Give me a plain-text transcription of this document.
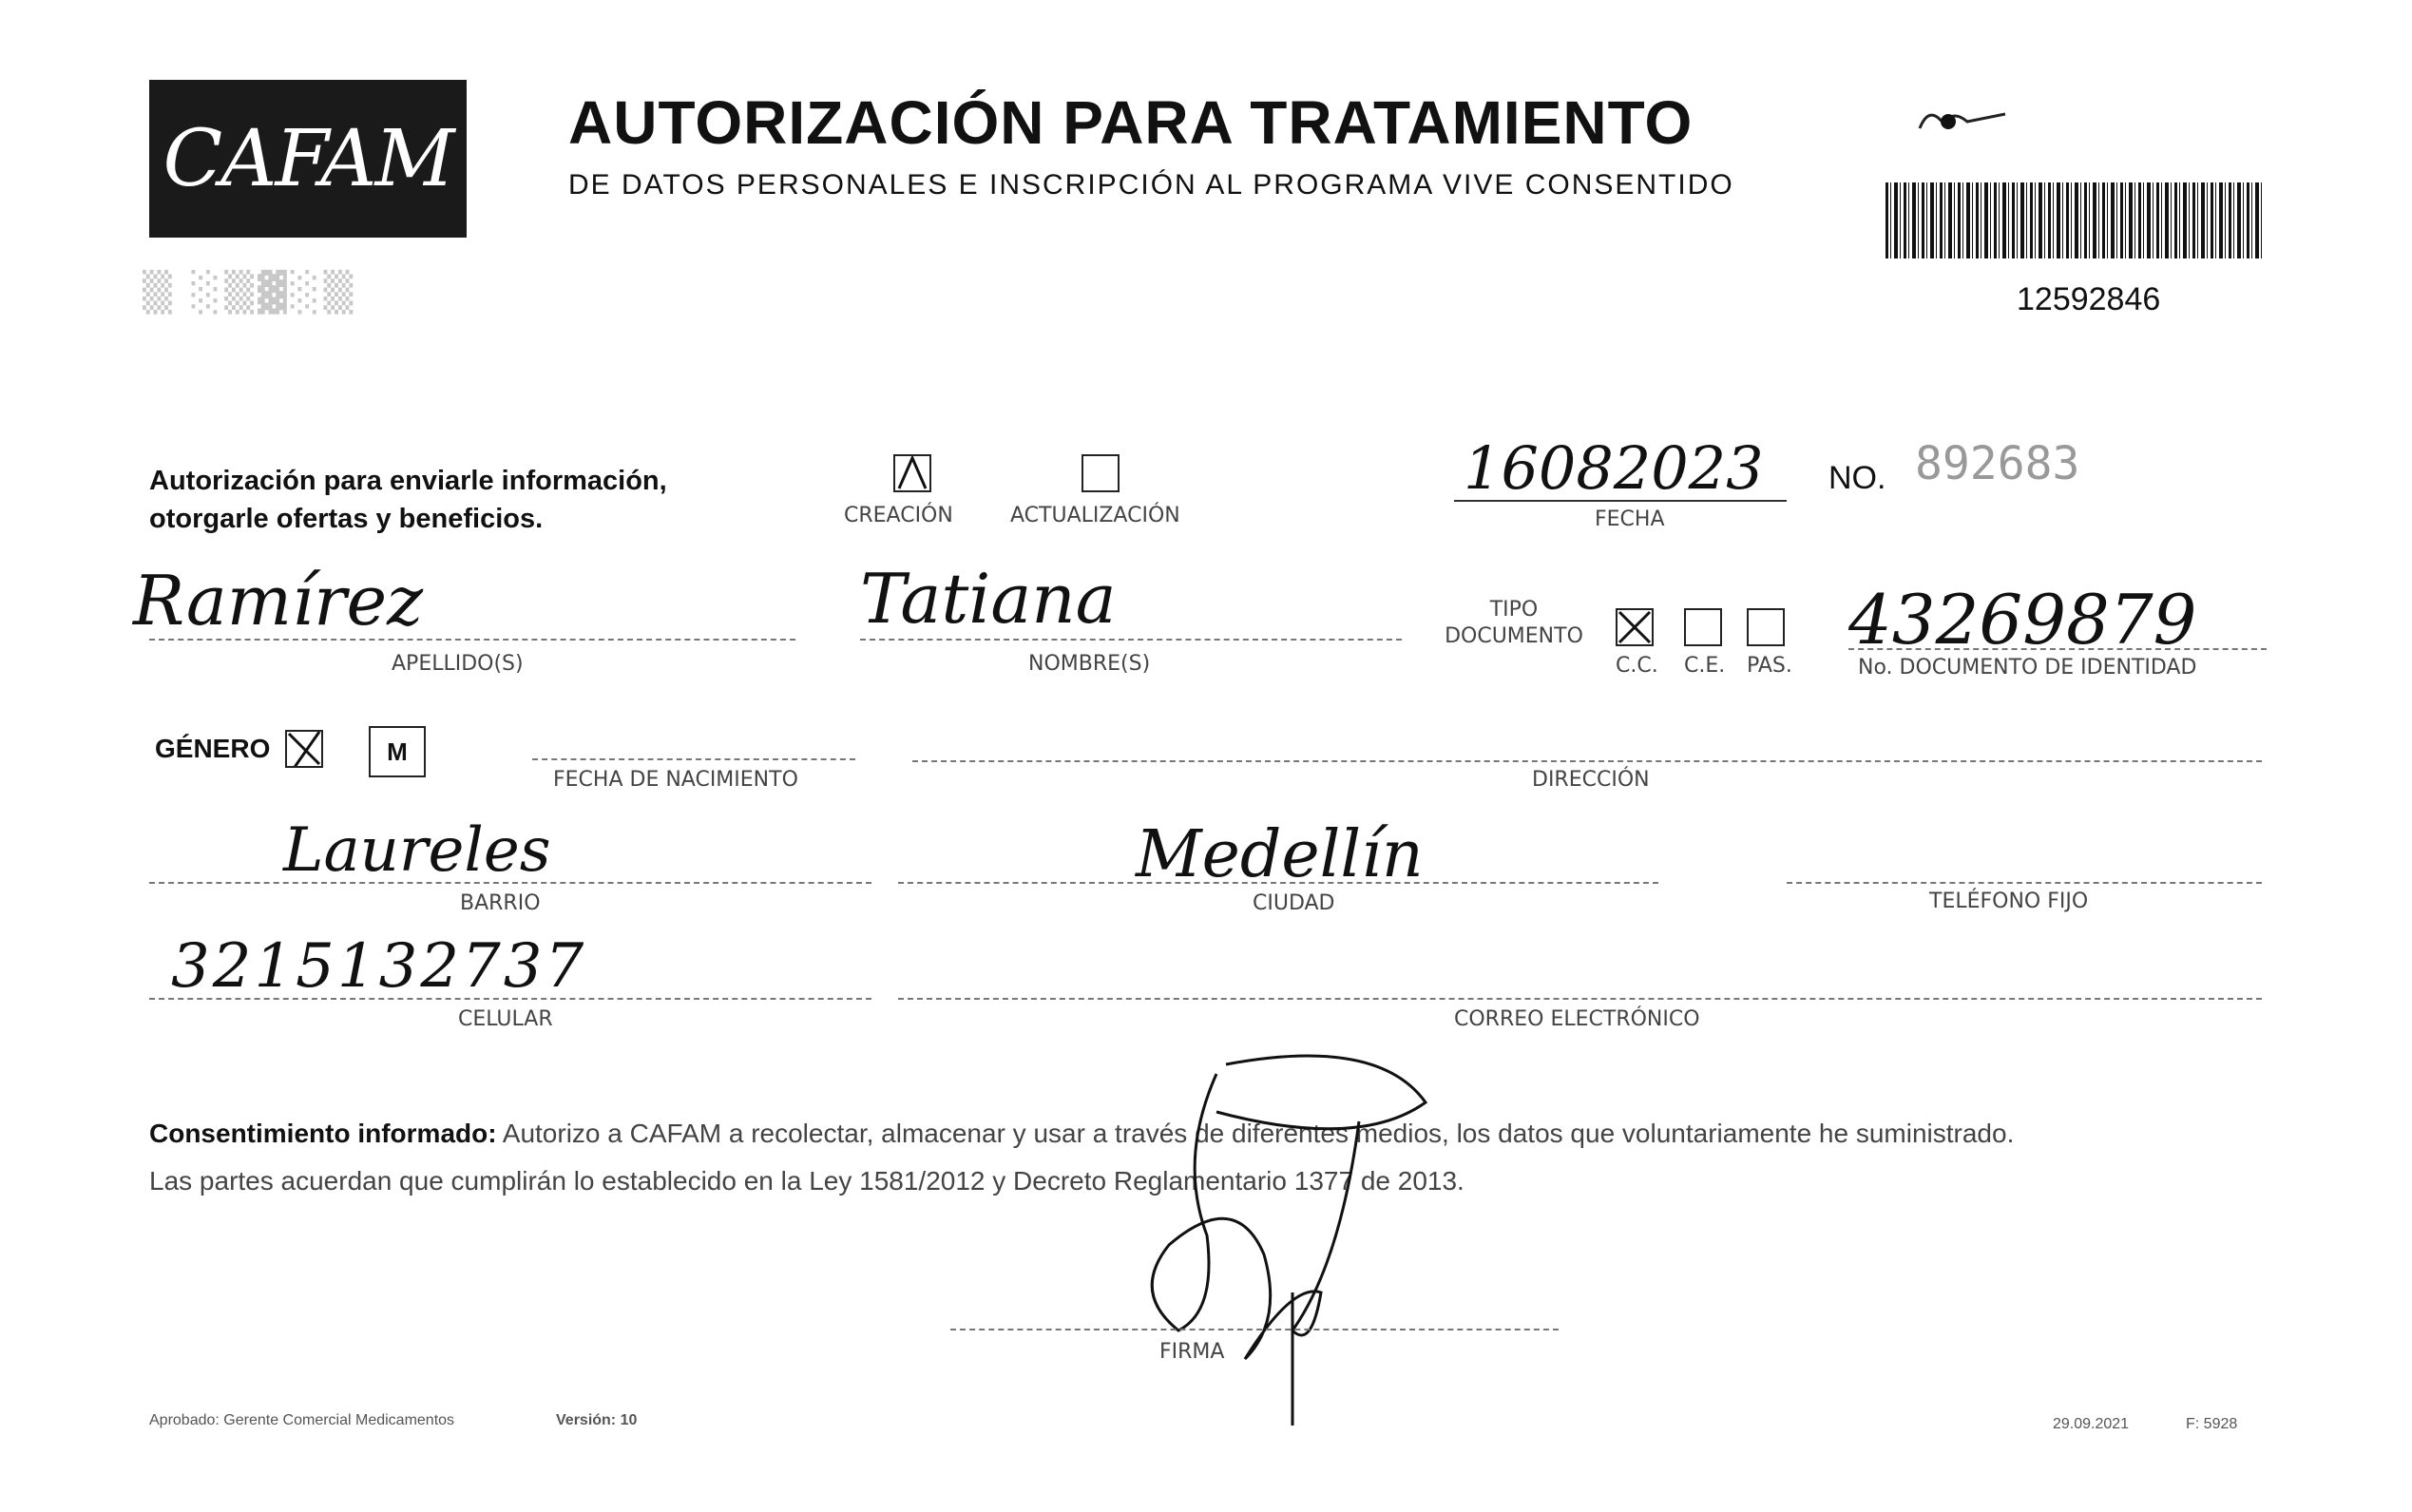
CAFAM
▒ ░▒▓░▒
AUTORIZACIÓN PARA TRATAMIENTO
DE DATOS PERSONALES E INSCRIPCIÓN AL PROGRAMA VIVE CONSENTIDO
12592846
Autorización para enviarle información,
otorgarle ofertas y beneficios.	CREACIÓN	ACTUALIZACIÓN
16082023
FECHA
NO. 892683
Ramírez
APELLIDO(S)
Tatiana
NOMBRE(S)
TIPO DOCUMENTO
C.C. C.E. PAS.
43269879
No. DOCUMENTO DE IDENTIDAD
GÉNERO	M
FECHA DE NACIMIENTO	DIRECCIÓN
Laureles
BARRIO
Medellín
CIUDAD	TELÉFONO FIJO
3215132737
CELULAR	CORREO ELECTRÓNICO
Consentimiento informado: Autorizo a CAFAM a recolectar, almacenar y usar a través de diferentes medios, los datos que voluntariamente he suministrado.
Las partes acuerdan que cumplirán lo establecido en la Ley 1581/2012 y Decreto Reglamentario 1377 de 2013.
FIRMA
Aprobado: Gerente Comercial Medicamentos	Versión: 10	29.09.2021	F: 5928
